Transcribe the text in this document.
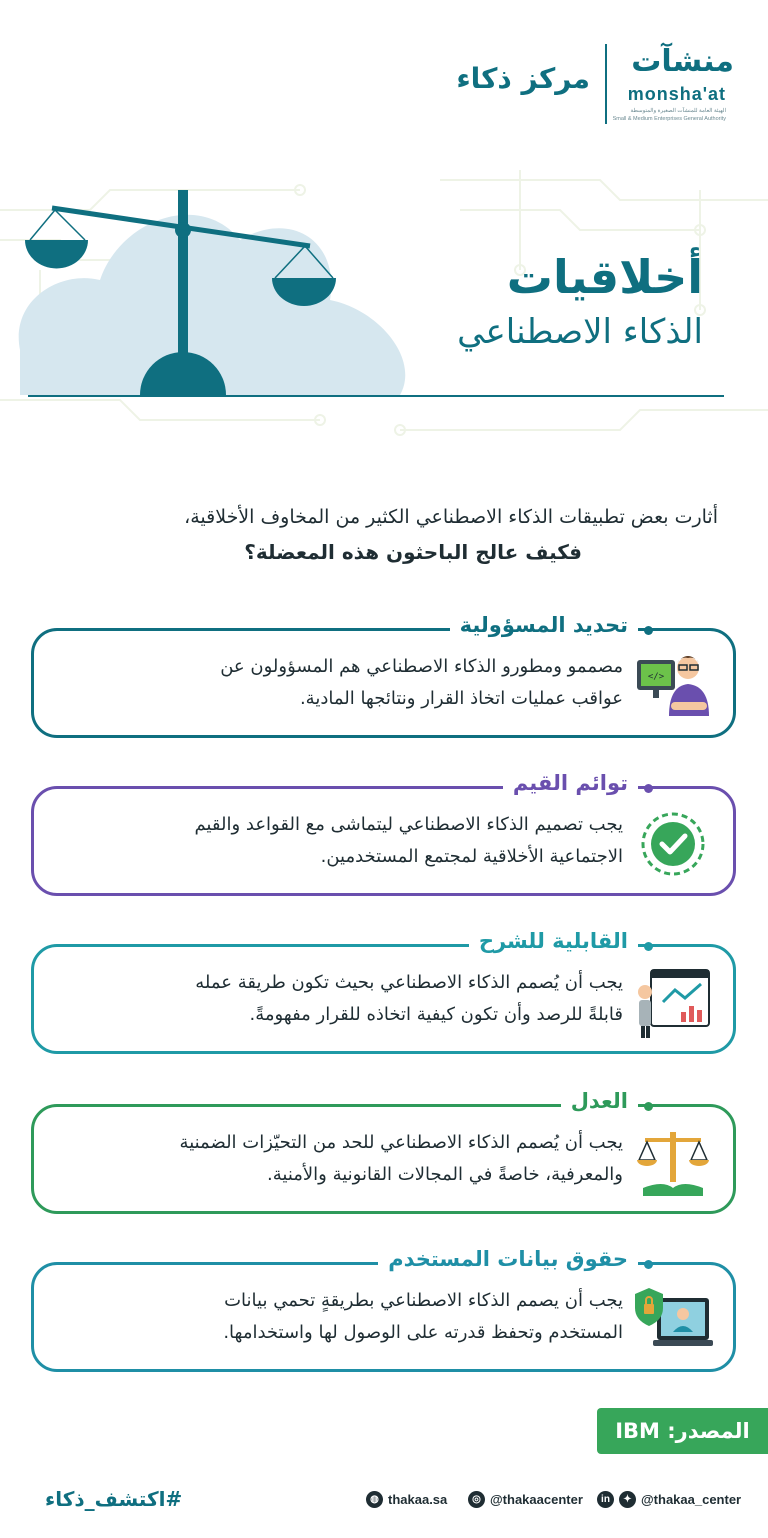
منشآت
monsha'at
الهيئة العامة للمنشآت الصغيرة والمتوسطة
Small & Medium Enterprises General Authority
مركز ذكاء
أخلاقيات
الذكاء الاصطناعي
أثارت بعض تطبيقات الذكاء الاصطناعي الكثير من المخاوف الأخلاقية،
فكيف عالج الباحثون هذه المعضلة؟
تحديد المسؤولية
مصممو ومطورو الذكاء الاصطناعي هم المسؤولون عن
عواقب عمليات اتخاذ القرار ونتائجها المادية.
</>
توائم القيم
يجب تصميم الذكاء الاصطناعي ليتماشى مع القواعد والقيم
الاجتماعية الأخلاقية لمجتمع المستخدمين.
القابلية للشرح
يجب أن يُصمم الذكاء الاصطناعي بحيث تكون طريقة عمله
قابلةً للرصد وأن تكون كيفية اتخاذه للقرار مفهومةً.
العدل
يجب أن يُصمم الذكاء الاصطناعي للحد من التحيّزات الضمنية
والمعرفية، خاصةً في المجالات القانونية والأمنية.
حقوق بيانات المستخدم
يجب أن يصمم الذكاء الاصطناعي بطريقةٍ تحمي بيانات
المستخدم وتحفظ قدرته على الوصول لها واستخدامها.
المصدر: IBM
#اكتشف_ذكاء	◍ thakaa.sa	◎ @thakaacenter	in	✦ @thakaa_center
